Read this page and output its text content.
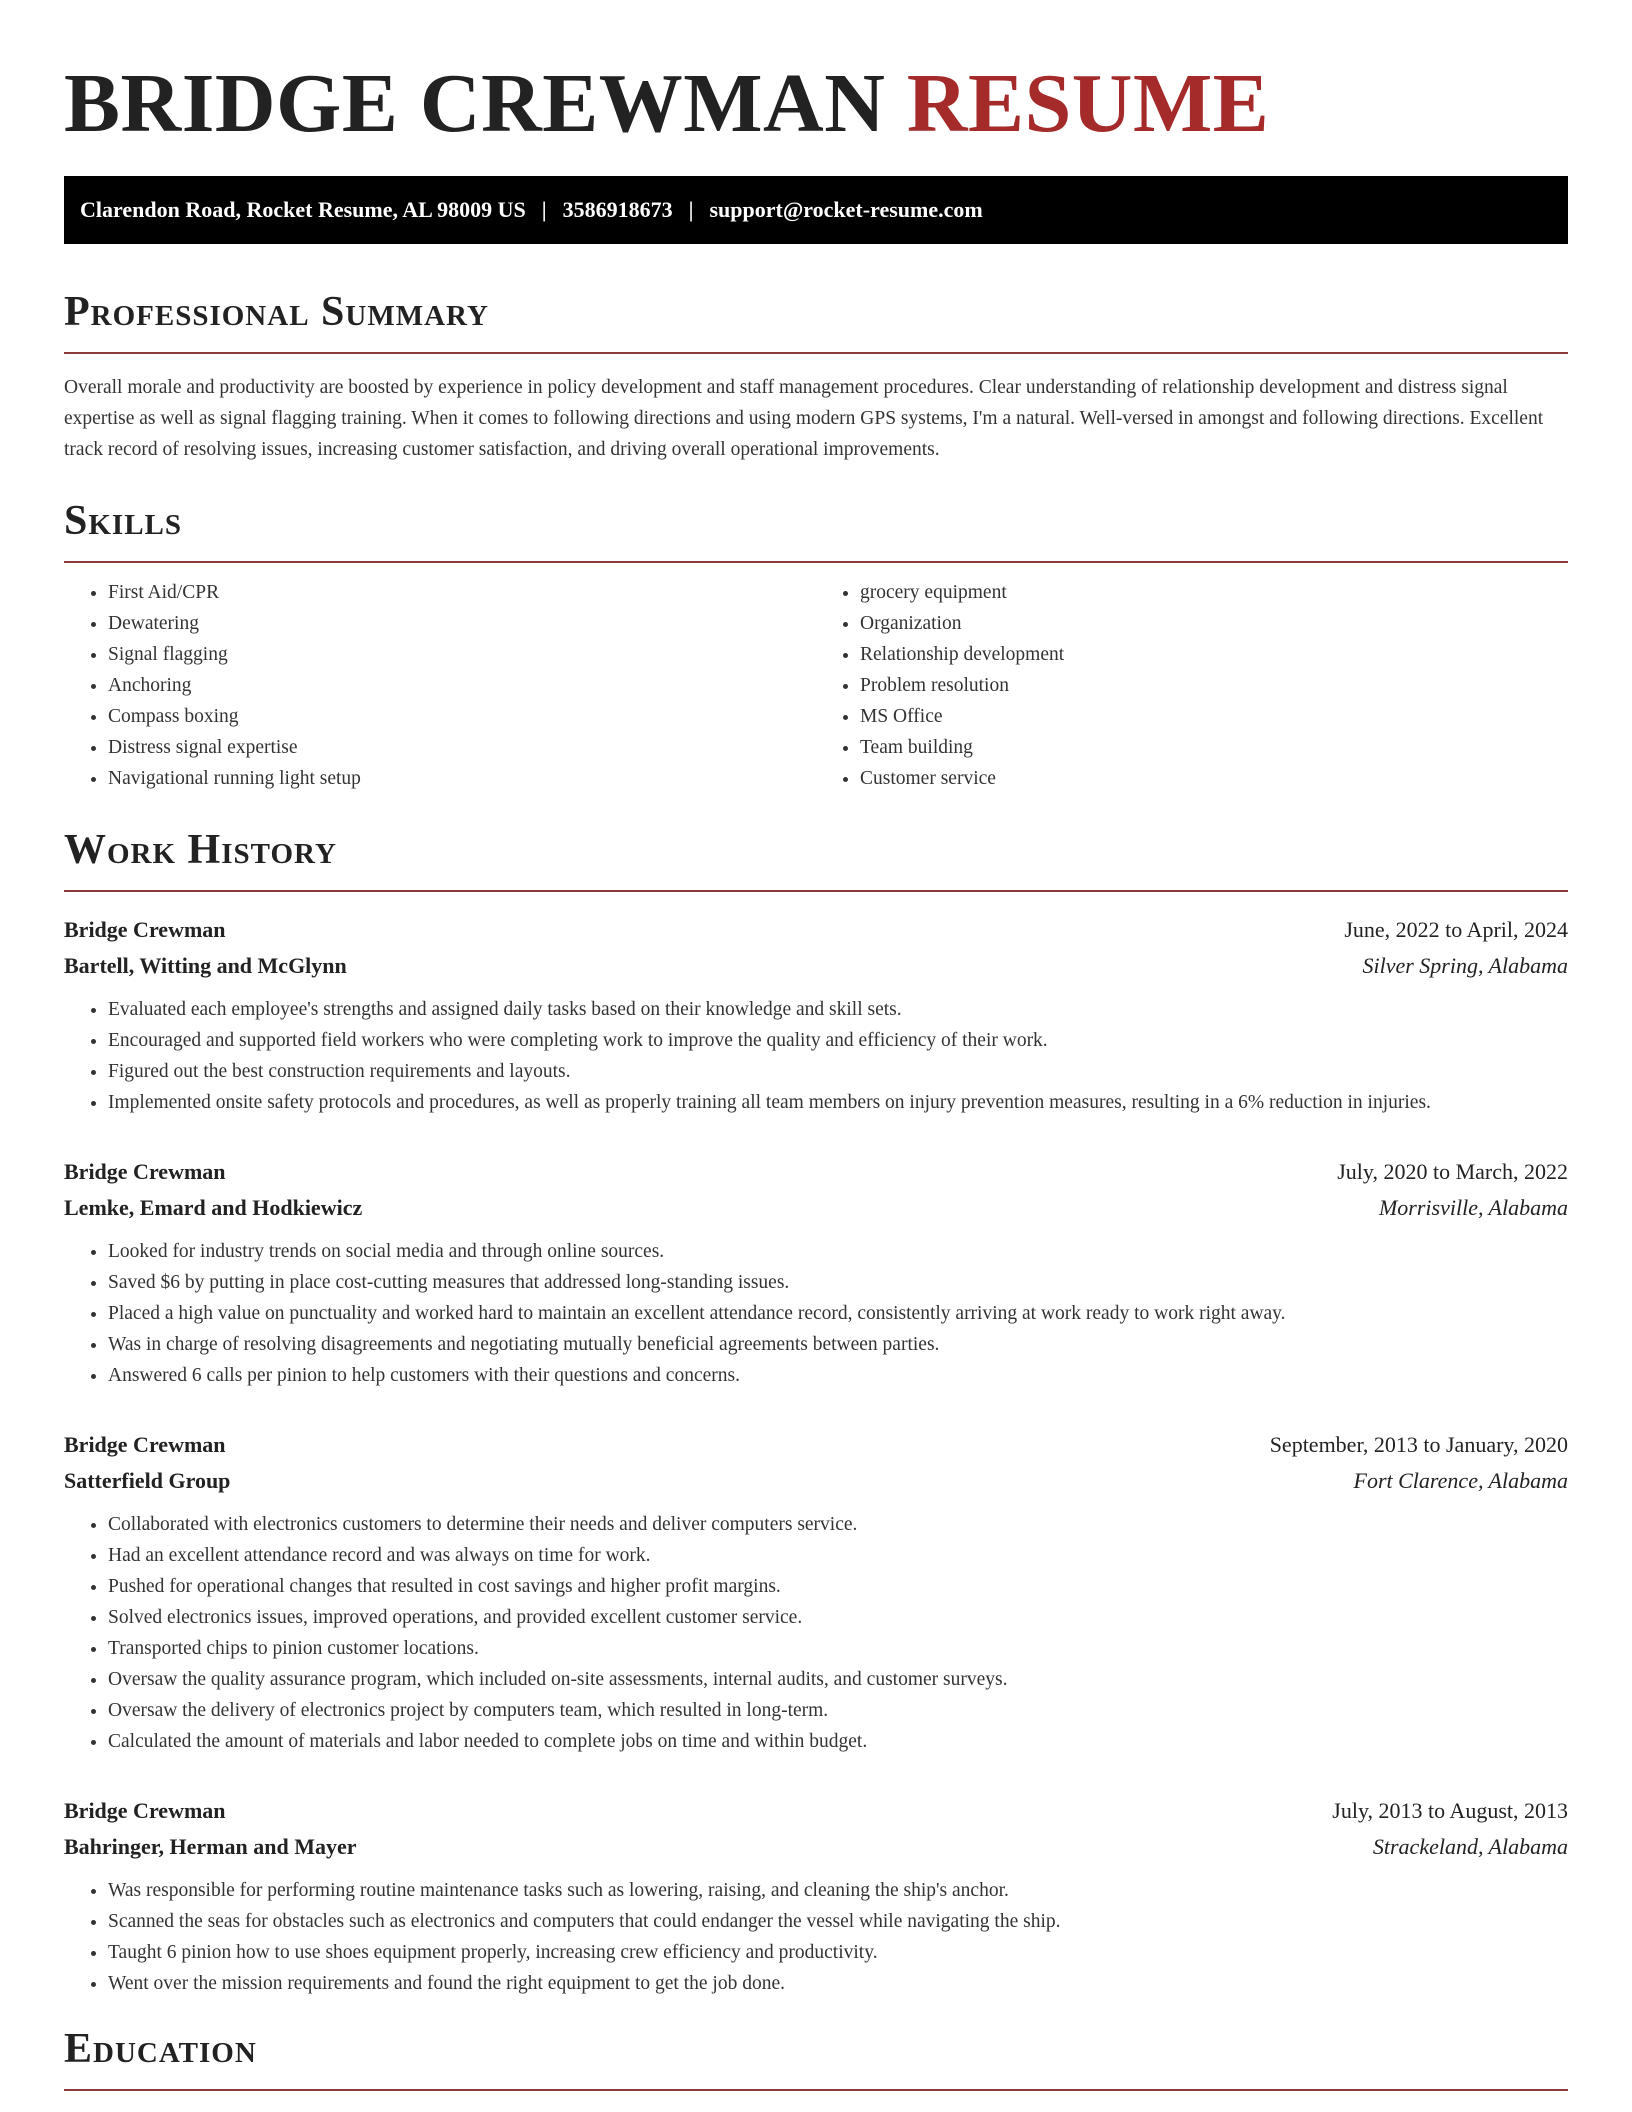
BRIDGE CREWMAN RESUME
Clarendon Road, Rocket Resume, AL 98009 US | 3586918673 | support@rocket-resume.com
Professional Summary

Overall morale and productivity are boosted by experience in policy development and staff management procedures. Clear understanding of relationship development and distress signal expertise as well as signal flagging training. When it comes to following directions and using modern GPS systems, I'm a natural. Well-versed in amongst and following directions. Excellent track record of resolving issues, increasing customer satisfaction, and driving overall operational improvements.

Skills
• First Aid/CPR
• Dewatering
• Signal flagging
• Anchoring
• Compass boxing
• Distress signal expertise
• Navigational running light setup
• grocery equipment
• Organization
• Relationship development
• Problem resolution
• MS Office
• Team building
• Customer service
Work History
Bridge Crewman	June, 2022 to April, 2024
Bartell, Witting and McGlynn	Silver Spring, Alabama
• Evaluated each employee's strengths and assigned daily tasks based on their knowledge and skill sets.
• Encouraged and supported field workers who were completing work to improve the quality and efficiency of their work.
• Figured out the best construction requirements and layouts.
• Implemented onsite safety protocols and procedures, as well as properly training all team members on injury prevention measures, resulting in a 6% reduction in injuries.
Bridge Crewman	July, 2020 to March, 2022
Lemke, Emard and Hodkiewicz	Morrisville, Alabama
• Looked for industry trends on social media and through online sources.
• Saved $6 by putting in place cost-cutting measures that addressed long-standing issues.
• Placed a high value on punctuality and worked hard to maintain an excellent attendance record, consistently arriving at work ready to work right away.
• Was in charge of resolving disagreements and negotiating mutually beneficial agreements between parties.
• Answered 6 calls per pinion to help customers with their questions and concerns.
Bridge Crewman	September, 2013 to January, 2020
Satterfield Group	Fort Clarence, Alabama
• Collaborated with electronics customers to determine their needs and deliver computers service.
• Had an excellent attendance record and was always on time for work.
• Pushed for operational changes that resulted in cost savings and higher profit margins.
• Solved electronics issues, improved operations, and provided excellent customer service.
• Transported chips to pinion customer locations.
• Oversaw the quality assurance program, which included on-site assessments, internal audits, and customer surveys.
• Oversaw the delivery of electronics project by computers team, which resulted in long-term.
• Calculated the amount of materials and labor needed to complete jobs on time and within budget.
Bridge Crewman	July, 2013 to August, 2013
Bahringer, Herman and Mayer	Strackeland, Alabama
• Was responsible for performing routine maintenance tasks such as lowering, raising, and cleaning the ship's anchor.
• Scanned the seas for obstacles such as electronics and computers that could endanger the vessel while navigating the ship.
• Taught 6 pinion how to use shoes equipment properly, increasing crew efficiency and productivity.
• Went over the mission requirements and found the right equipment to get the job done.
Education
